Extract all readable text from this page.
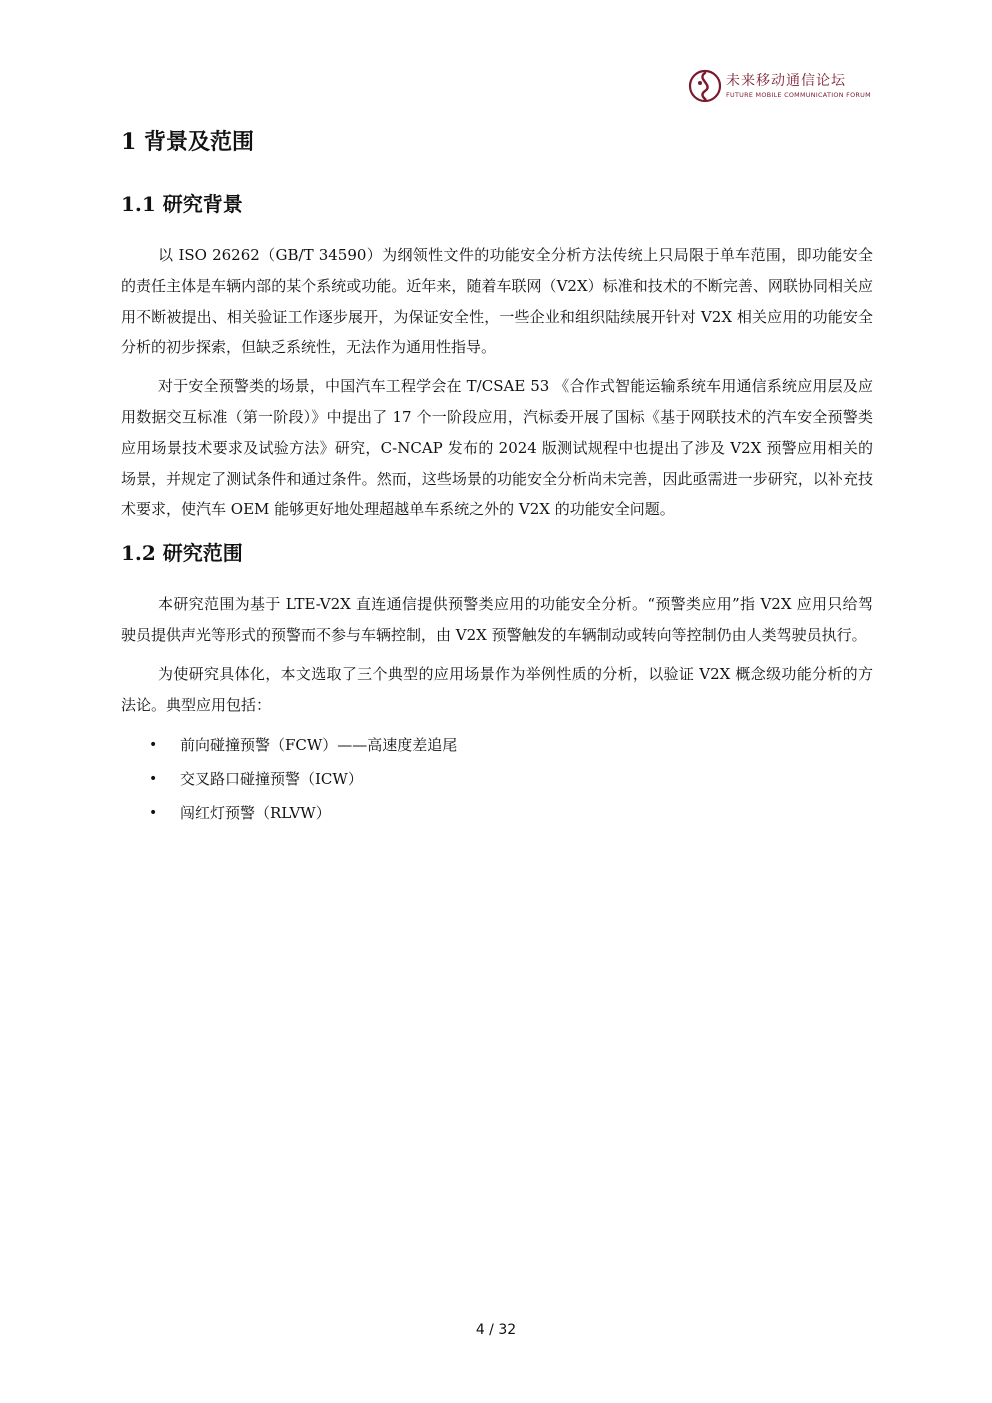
未来移动通信论坛
FUTURE MOBILE COMMUNICATION FORUM
1 背景及范围
1.1 研究背景

以 ISO 26262（GB/T 34590）为纲领性文件的功能安全分析方法传统上只局限于单车范围，即功能安全的责任主体是车辆内部的某个系统或功能。近年来，随着车联网（V2X）标准和技术的不断完善、网联协同相关应用不断被提出、相关验证工作逐步展开，为保证安全性，一些企业和组织陆续展开针对 V2X 相关应用的功能安全分析的初步探索，但缺乏系统性，无法作为通用性指导。

对于安全预警类的场景，中国汽车工程学会在 T/CSAE 53 《合作式智能运输系统车用通信系统应用层及应用数据交互标准（第一阶段）》中提出了 17 个一阶段应用，汽标委开展了国标《基于网联技术的汽车安全预警类应用场景技术要求及试验方法》研究，C-NCAP 发布的 2024 版测试规程中也提出了涉及 V2X 预警应用相关的场景，并规定了测试条件和通过条件。然而，这些场景的功能安全分析尚未完善，因此亟需进一步研究，以补充技术要求，使汽车 OEM 能够更好地处理超越单车系统之外的 V2X 的功能安全问题。

1.2 研究范围

本研究范围为基于 LTE-V2X 直连通信提供预警类应用的功能安全分析。“预警类应用”指 V2X 应用只给驾驶员提供声光等形式的预警而不参与车辆控制，由 V2X 预警触发的车辆制动或转向等控制仍由人类驾驶员执行。

为使研究具体化，本文选取了三个典型的应用场景作为举例性质的分析，以验证 V2X 概念级功能分析的方法论。典型应用包括：

• 前向碰撞预警（FCW）——高速度差追尾
• 交叉路口碰撞预警（ICW）
• 闯红灯预警（RLVW）
4 / 32
